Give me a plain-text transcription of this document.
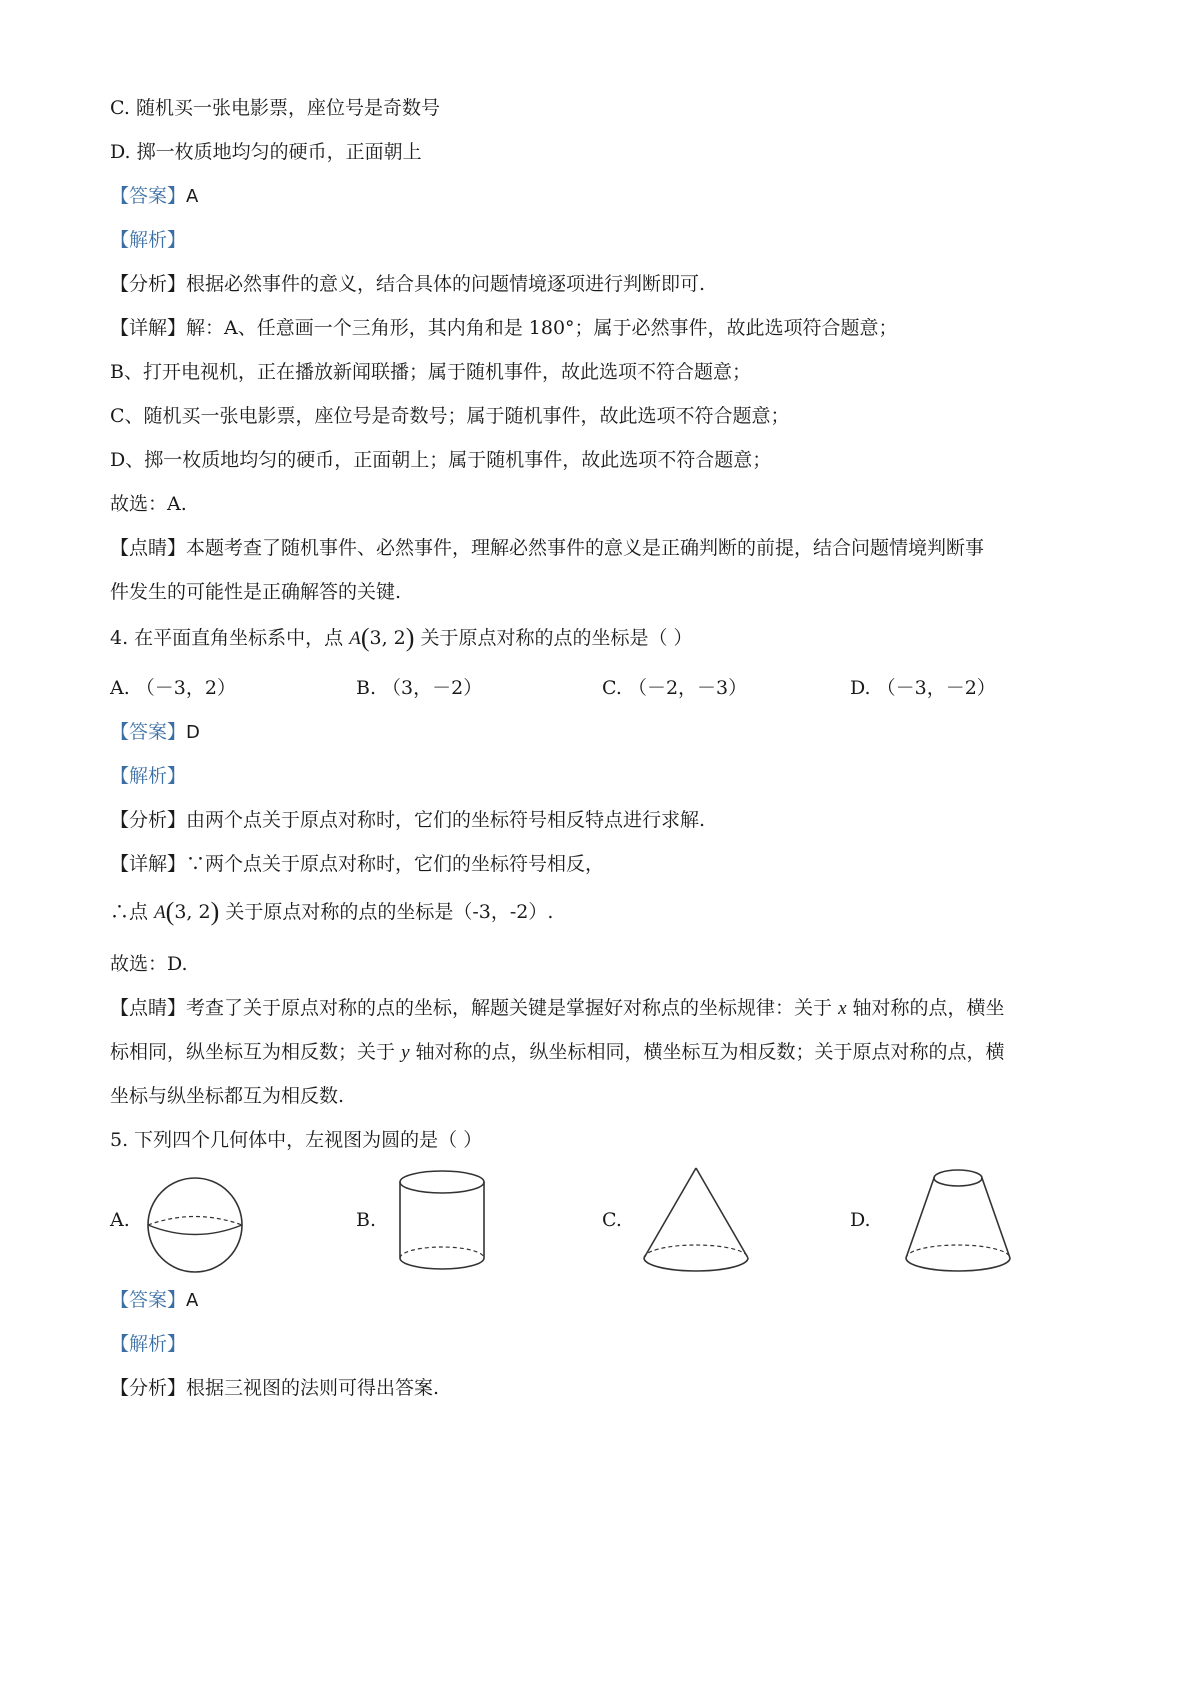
C. 随机买一张电影票，座位号是奇数号
D. 掷一枚质地均匀的硬币，正面朝上
【答案】A
【解析】
【分析】根据必然事件的意义，结合具体的问题情境逐项进行判断即可.
【详解】解：A、任意画一个三角形，其内角和是 180°；属于必然事件，故此选项符合题意；
B、打开电视机，正在播放新闻联播；属于随机事件，故此选项不符合题意；
C、随机买一张电影票，座位号是奇数号；属于随机事件，故此选项不符合题意；
D、掷一枚质地均匀的硬币，正面朝上；属于随机事件，故此选项不符合题意；
故选：A.
【点睛】本题考查了随机事件、必然事件，理解必然事件的意义是正确判断的前提，结合问题情境判断事
件发生的可能性是正确解答的关键.
4. 在平面直角坐标系中，点 A(3, 2) 关于原点对称的点的坐标是（ ）
A. （－3，2）	B. （3，－2）	C. （－2，－3）	D. （－3，－2）
【答案】D
【解析】
【分析】由两个点关于原点对称时，它们的坐标符号相反特点进行求解.
【详解】∵两个点关于原点对称时，它们的坐标符号相反，
∴点 A(3, 2) 关于原点对称的点的坐标是（-3，-2）.
故选：D.
【点睛】考查了关于原点对称的点的坐标，解题关键是掌握好对称点的坐标规律：关于 x 轴对称的点，横坐
标相同，纵坐标互为相反数；关于 y 轴对称的点，纵坐标相同，横坐标互为相反数；关于原点对称的点，横
坐标与纵坐标都互为相反数.
5. 下列四个几何体中，左视图为圆的是（ ）
A.	B.	C.	D.
【答案】A
【解析】
【分析】根据三视图的法则可得出答案.
